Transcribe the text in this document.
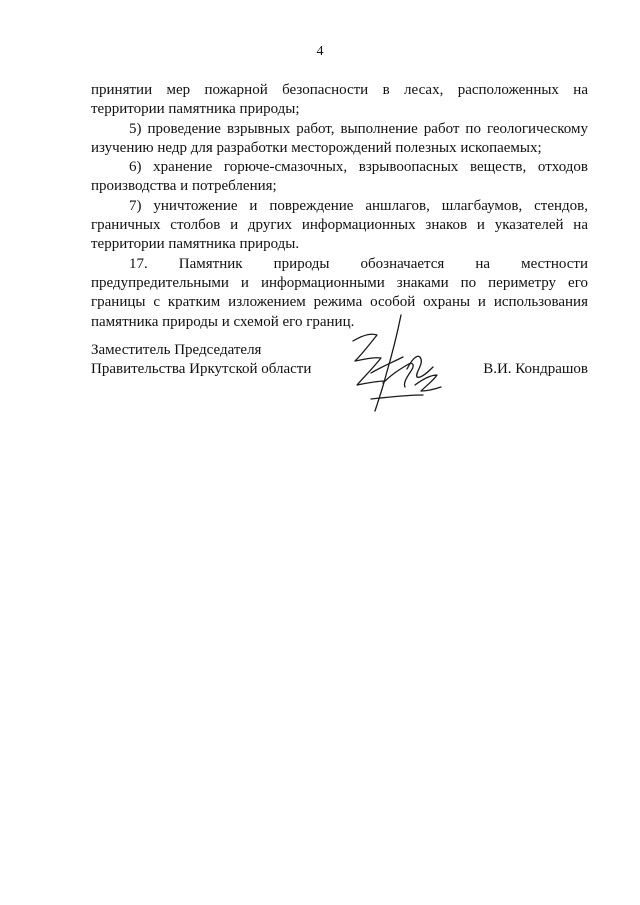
4

принятии мер пожарной безопасности в лесах, расположенных на территории памятника природы;

5) проведение взрывных работ, выполнение работ по геологическому изучению недр для разработки месторождений полезных ископаемых;

6) хранение горюче-смазочных, взрывоопасных веществ, отходов производства и потребления;

7) уничтожение и повреждение аншлагов, шлагбаумов, стендов, граничных столбов и других информационных знаков и указателей на территории памятника природы.

17. Памятник природы обозначается на местности предупредительными и информационными знаками по периметру его границы с кратким изложением режима особой охраны и использования памятника природы и схемой его границ.

Заместитель Председателя
Правительства Иркутской области	В.И. Кондрашов
